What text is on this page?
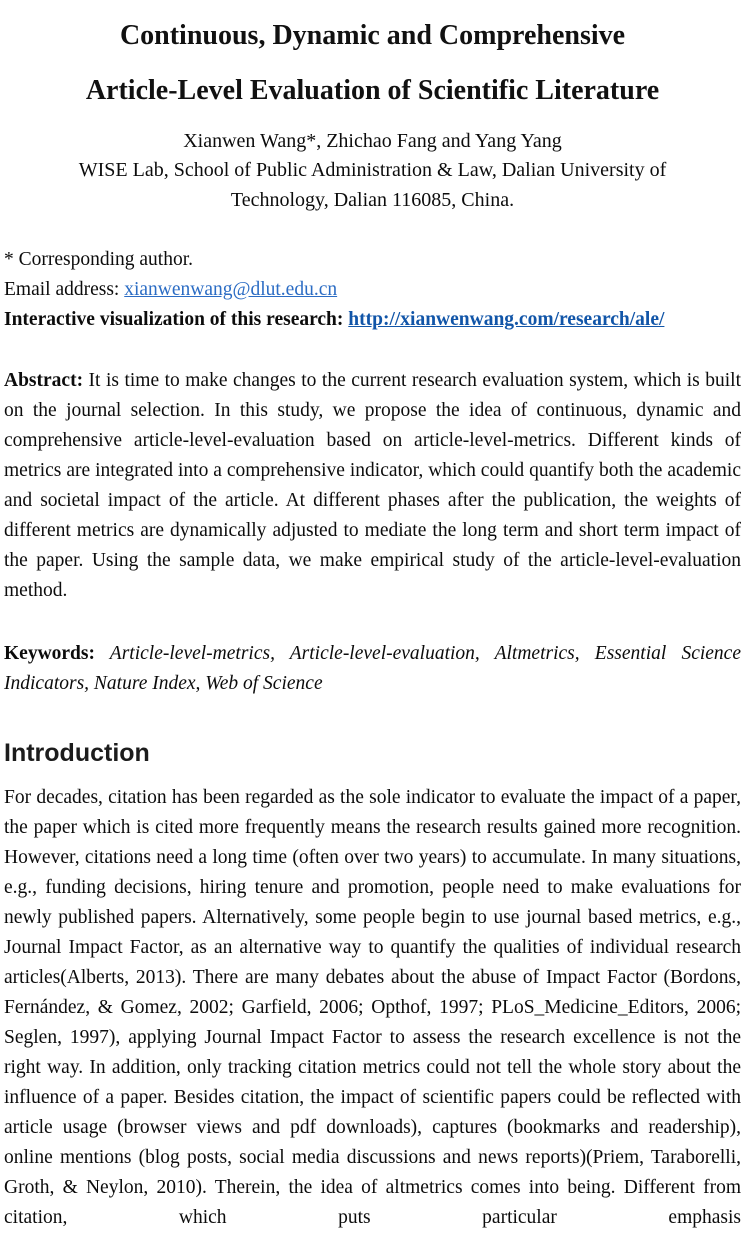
Continuous, Dynamic and Comprehensive
Article-Level Evaluation of Scientific Literature
Xianwen Wang*, Zhichao Fang and Yang Yang
WISE Lab, School of Public Administration & Law, Dalian University of
Technology, Dalian 116085, China.
* Corresponding author.
Email address: xianwenwang@dlut.edu.cn
Interactive visualization of this research: http://xianwenwang.com/research/ale/

Abstract: It is time to make changes to the current research evaluation system, which is built on the journal selection. In this study, we propose the idea of continuous, dynamic and comprehensive article-level-evaluation based on article-level-metrics. Different kinds of metrics are integrated into a comprehensive indicator, which could quantify both the academic and societal impact of the article. At different phases after the publication, the weights of different metrics are dynamically adjusted to mediate the long term and short term impact of the paper. Using the sample data, we make empirical study of the article-level-evaluation method.

Keywords: Article-level-metrics, Article-level-evaluation, Altmetrics, Essential Science Indicators, Nature Index, Web of Science

Introduction

For decades, citation has been regarded as the sole indicator to evaluate the impact of a paper, the paper which is cited more frequently means the research results gained more recognition. However, citations need a long time (often over two years) to accumulate. In many situations, e.g., funding decisions, hiring tenure and promotion, people need to make evaluations for newly published papers. Alternatively, some people begin to use journal based metrics, e.g., Journal Impact Factor, as an alternative way to quantify the qualities of individual research articles(Alberts, 2013). There are many debates about the abuse of Impact Factor (Bordons, Fernández, & Gomez, 2002; Garfield, 2006; Opthof, 1997; PLoS_Medicine_Editors, 2006; Seglen, 1997), applying Journal Impact Factor to assess the research excellence is not the right way. In addition, only tracking citation metrics could not tell the whole story about the influence of a paper. Besides citation, the impact of scientific papers could be reflected with article usage (browser views and pdf downloads), captures (bookmarks and readership), online mentions (blog posts, social media discussions and news reports)(Priem, Taraborelli, Groth, & Neylon, 2010). Therein, the idea of altmetrics comes into being. Different from citation, which puts particular emphasis
